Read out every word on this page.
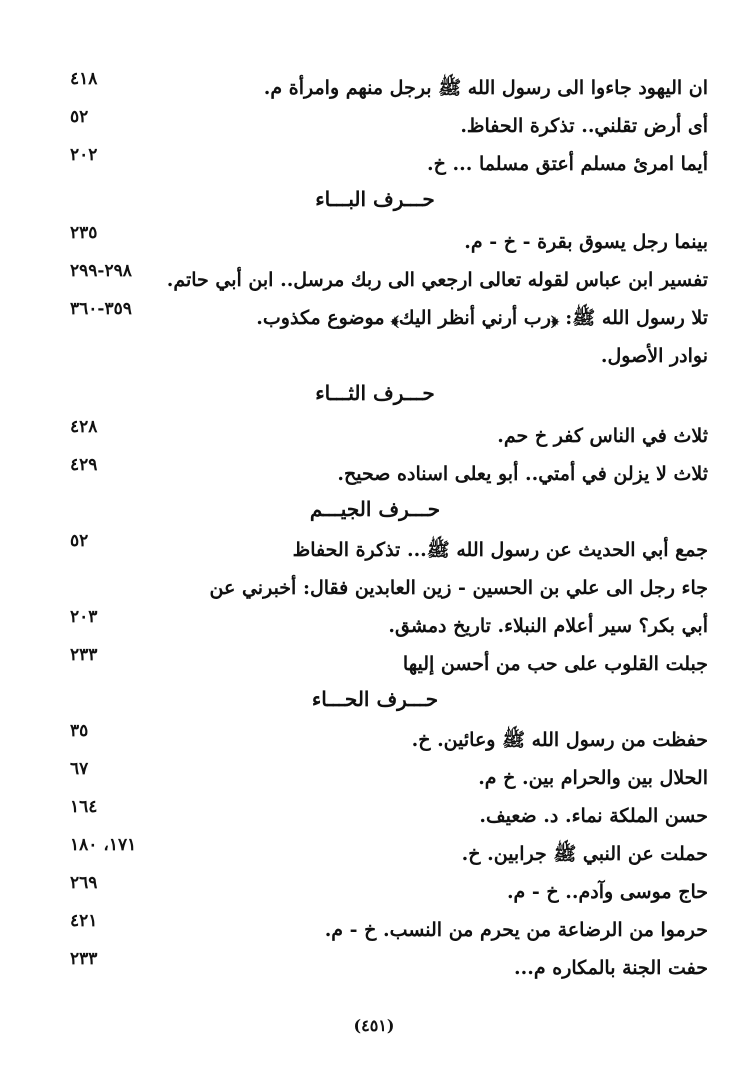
ان اليهود جاءوا الى رسول الله ﷺ برجل منهم وامرأة م.
٤١٨
أى أرض تقلني.. تذكرة الحفاظ.
٥٢
أيما امرئ مسلم أعتق مسلما ... خ.
٢٠٢
حـــرف البـــاء
بينما رجل يسوق بقرة - خ - م.
٢٣٥
تفسير ابن عباس لقوله تعالى ارجعي الى ربك مرسل.. ابن أبي حاتم.
٢٩٨-٢٩٩
تلا رسول الله ﷺ: ﴿رب أرني أنظر اليك﴾ موضوع مكذوب.
٣٥٩-٣٦٠
نوادر الأصول.
حـــرف الثـــاء
ثلاث في الناس كفر خ حم.
٤٢٨
ثلاث لا يزلن في أمتي.. أبو يعلى اسناده صحيح.
٤٢٩
حـــرف الجيـــم
جمع أبي الحديث عن رسول الله ﷺ... تذكرة الحفاظ
٥٢
جاء رجل الى علي بن الحسين - زين العابدين فقال: أخبرني عن
أبي بكر؟ سير أعلام النبلاء. تاريخ دمشق.
٢٠٣
جبلت القلوب على حب من أحسن إليها
٢٣٣
حـــرف الحـــاء
حفظت من رسول الله ﷺ وعائين. خ.
٣٥
الحلال بين والحرام بين. خ م.
٦٧
حسن الملكة نماء. د. ضعيف.
١٦٤
حملت عن النبي ﷺ جرابين. خ.
١٧١، ١٨٠
حاج موسى وآدم.. خ - م.
٢٦٩
حرموا من الرضاعة من يحرم من النسب. خ - م.
٤٢١
حفت الجنة بالمكاره م...
٢٣٣
(٤٥١)
